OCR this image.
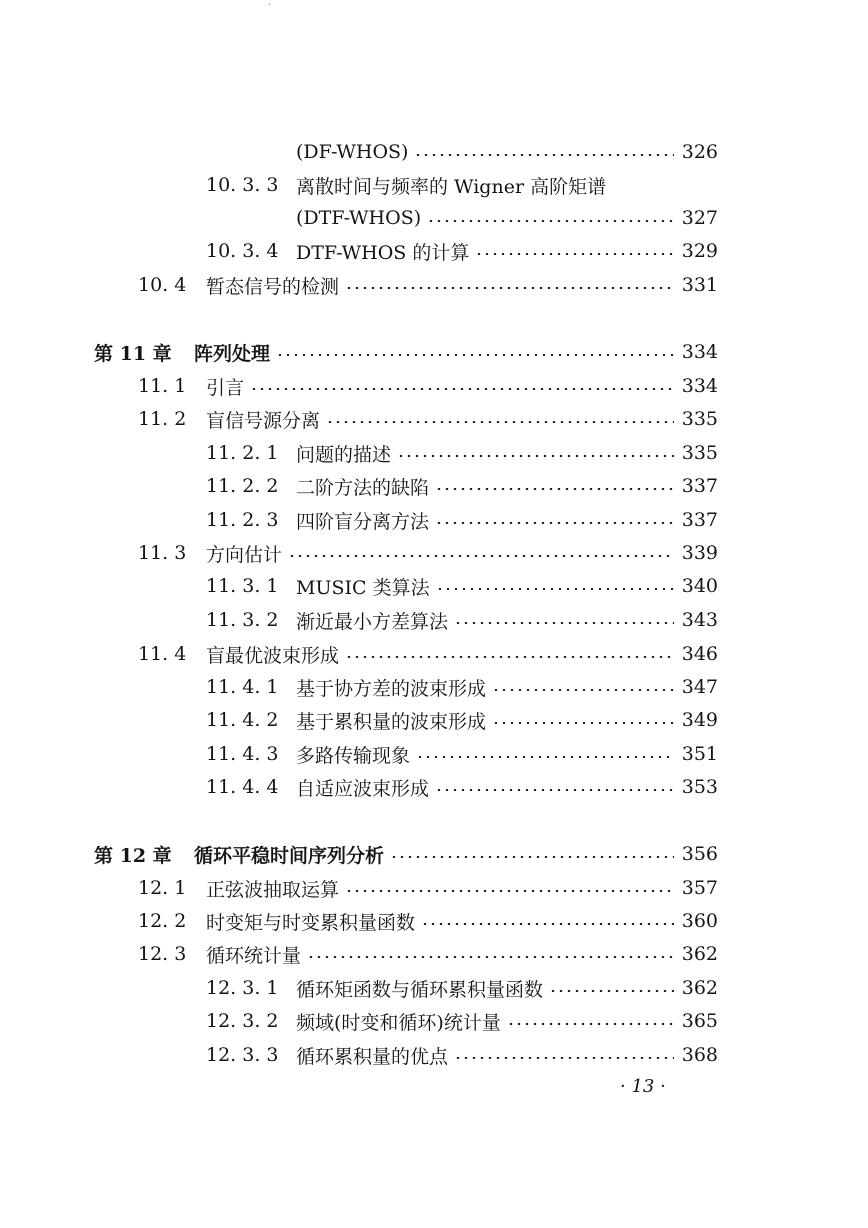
·
(DF-WHOS)	326
10. 3. 3 离散时间与频率的 Wigner 高阶矩谱
(DTF-WHOS)	327
10. 3. 4 DTF-WHOS 的计算	329
10. 4	暂态信号的检测	331
第 11 章	阵列处理	334
11. 1	引言	334
11. 2	盲信号源分离	335
11. 2. 1 问题的描述	335
11. 2. 2 二阶方法的缺陷	337
11. 2. 3 四阶盲分离方法	337
11. 3	方向估计	339
11. 3. 1 MUSIC 类算法	340
11. 3. 2 渐近最小方差算法	343
11. 4	盲最优波束形成	346
11. 4. 1 基于协方差的波束形成	347
11. 4. 2 基于累积量的波束形成	349
11. 4. 3 多路传输现象	351
11. 4. 4 自适应波束形成	353
第 12 章	循环平稳时间序列分析	356
12. 1	正弦波抽取运算	357
12. 2	时变矩与时变累积量函数	360
12. 3	循环统计量	362
12. 3. 1 循环矩函数与循环累积量函数	362
12. 3. 2 频域(时变和循环)统计量	365
12. 3. 3 循环累积量的优点	368
· 13 ·
